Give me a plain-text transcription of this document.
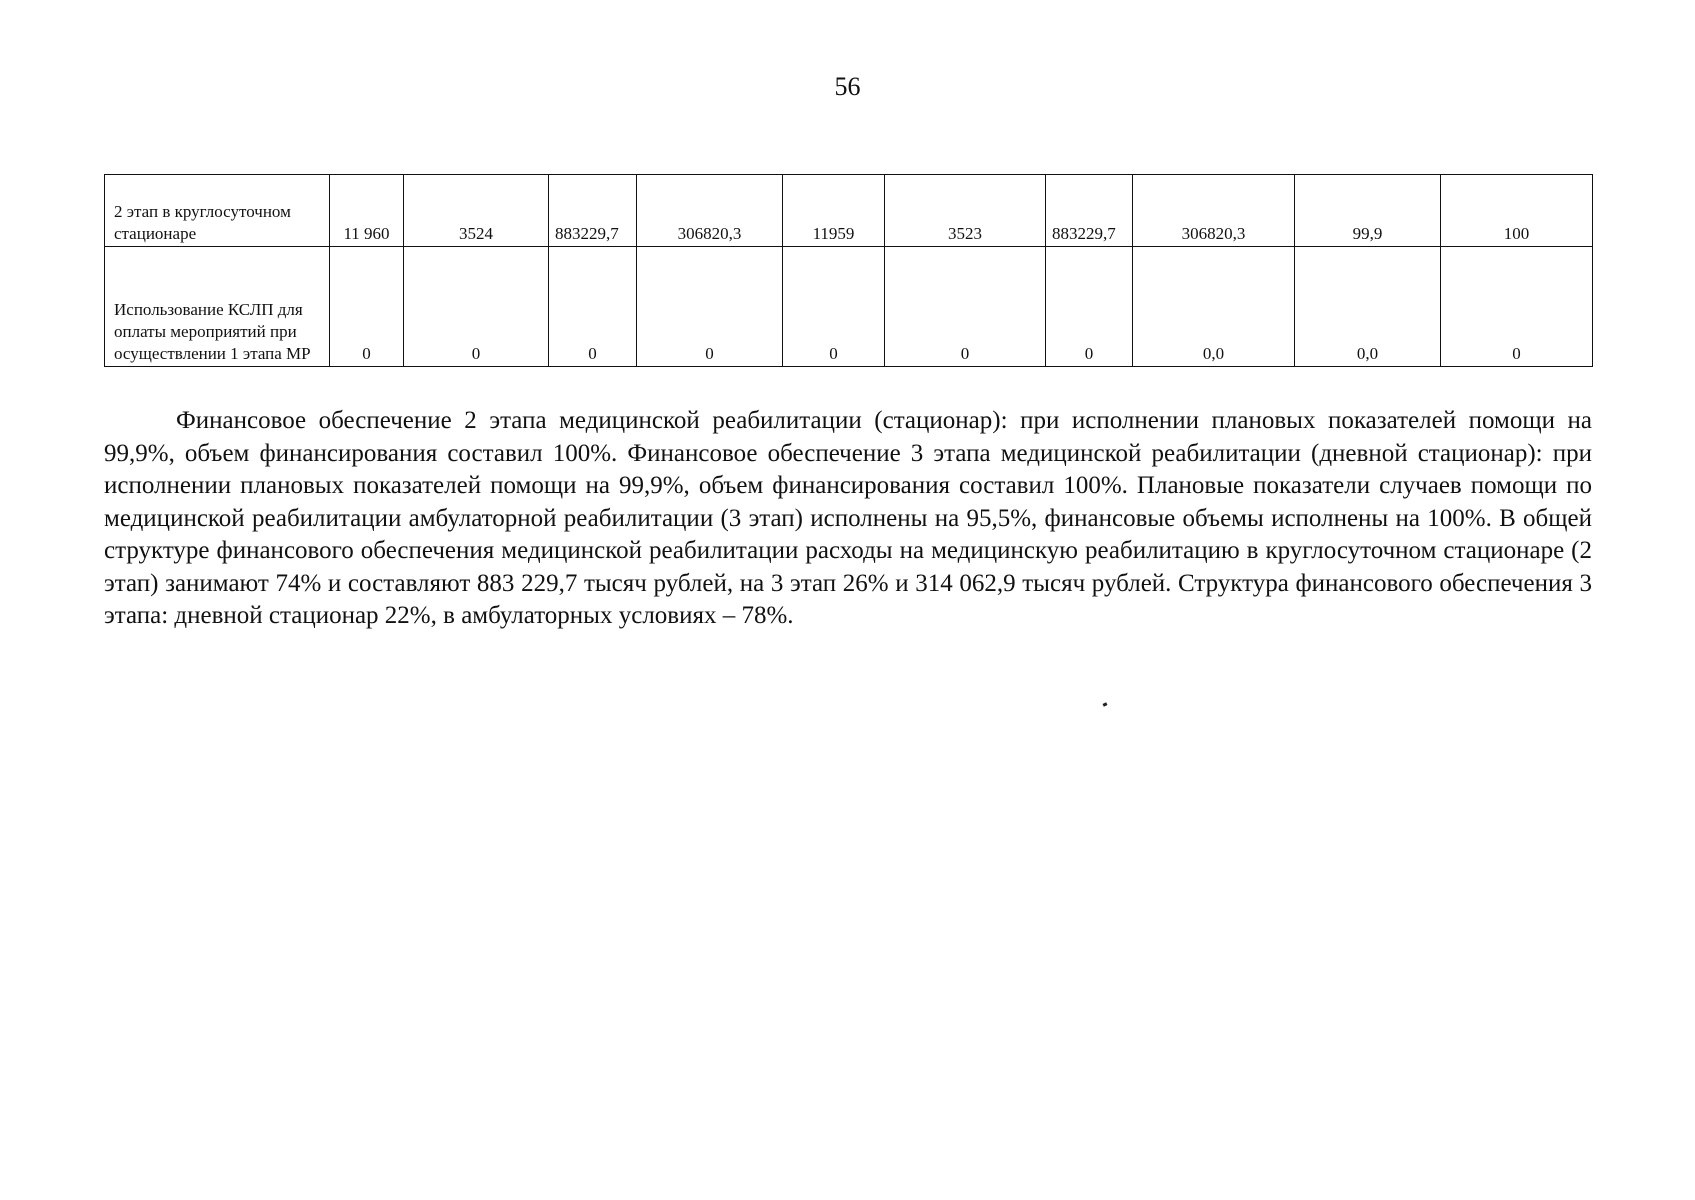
56
2 этап в круглосуточном стационаре	11 960	3524	883229,7	306820,3	11959	3523	883229,7	306820,3	99,9	100
Использование КСЛП для оплаты мероприятий при осуществлении 1 этапа МР	0	0	0	0	0	0	0	0,0	0,0	0

Финансовое обеспечение 2 этапа медицинской реабилитации (стационар): при исполнении плановых показателей помощи на 99,9%, объем финансирования составил 100%. Финансовое обеспечение 3 этапа медицинской реабилитации (дневной стационар): при исполнении плановых показателей помощи на 99,9%, объем финансирования составил 100%. Плановые показатели случаев помощи по медицинской реабилитации амбулаторной реабилитации (3 этап) исполнены на 95,5%, финансовые объемы исполнены на 100%. В общей структуре финансового обеспечения медицинской реабилитации расходы на медицинскую реабилитацию в круглосуточном стационаре (2 этап) занимают 74% и составляют 883 229,7 тысяч рублей, на 3 этап 26% и 314 062,9 тысяч рублей. Структура финансового обеспечения 3 этапа: дневной стационар 22%, в амбулаторных условиях – 78%.
